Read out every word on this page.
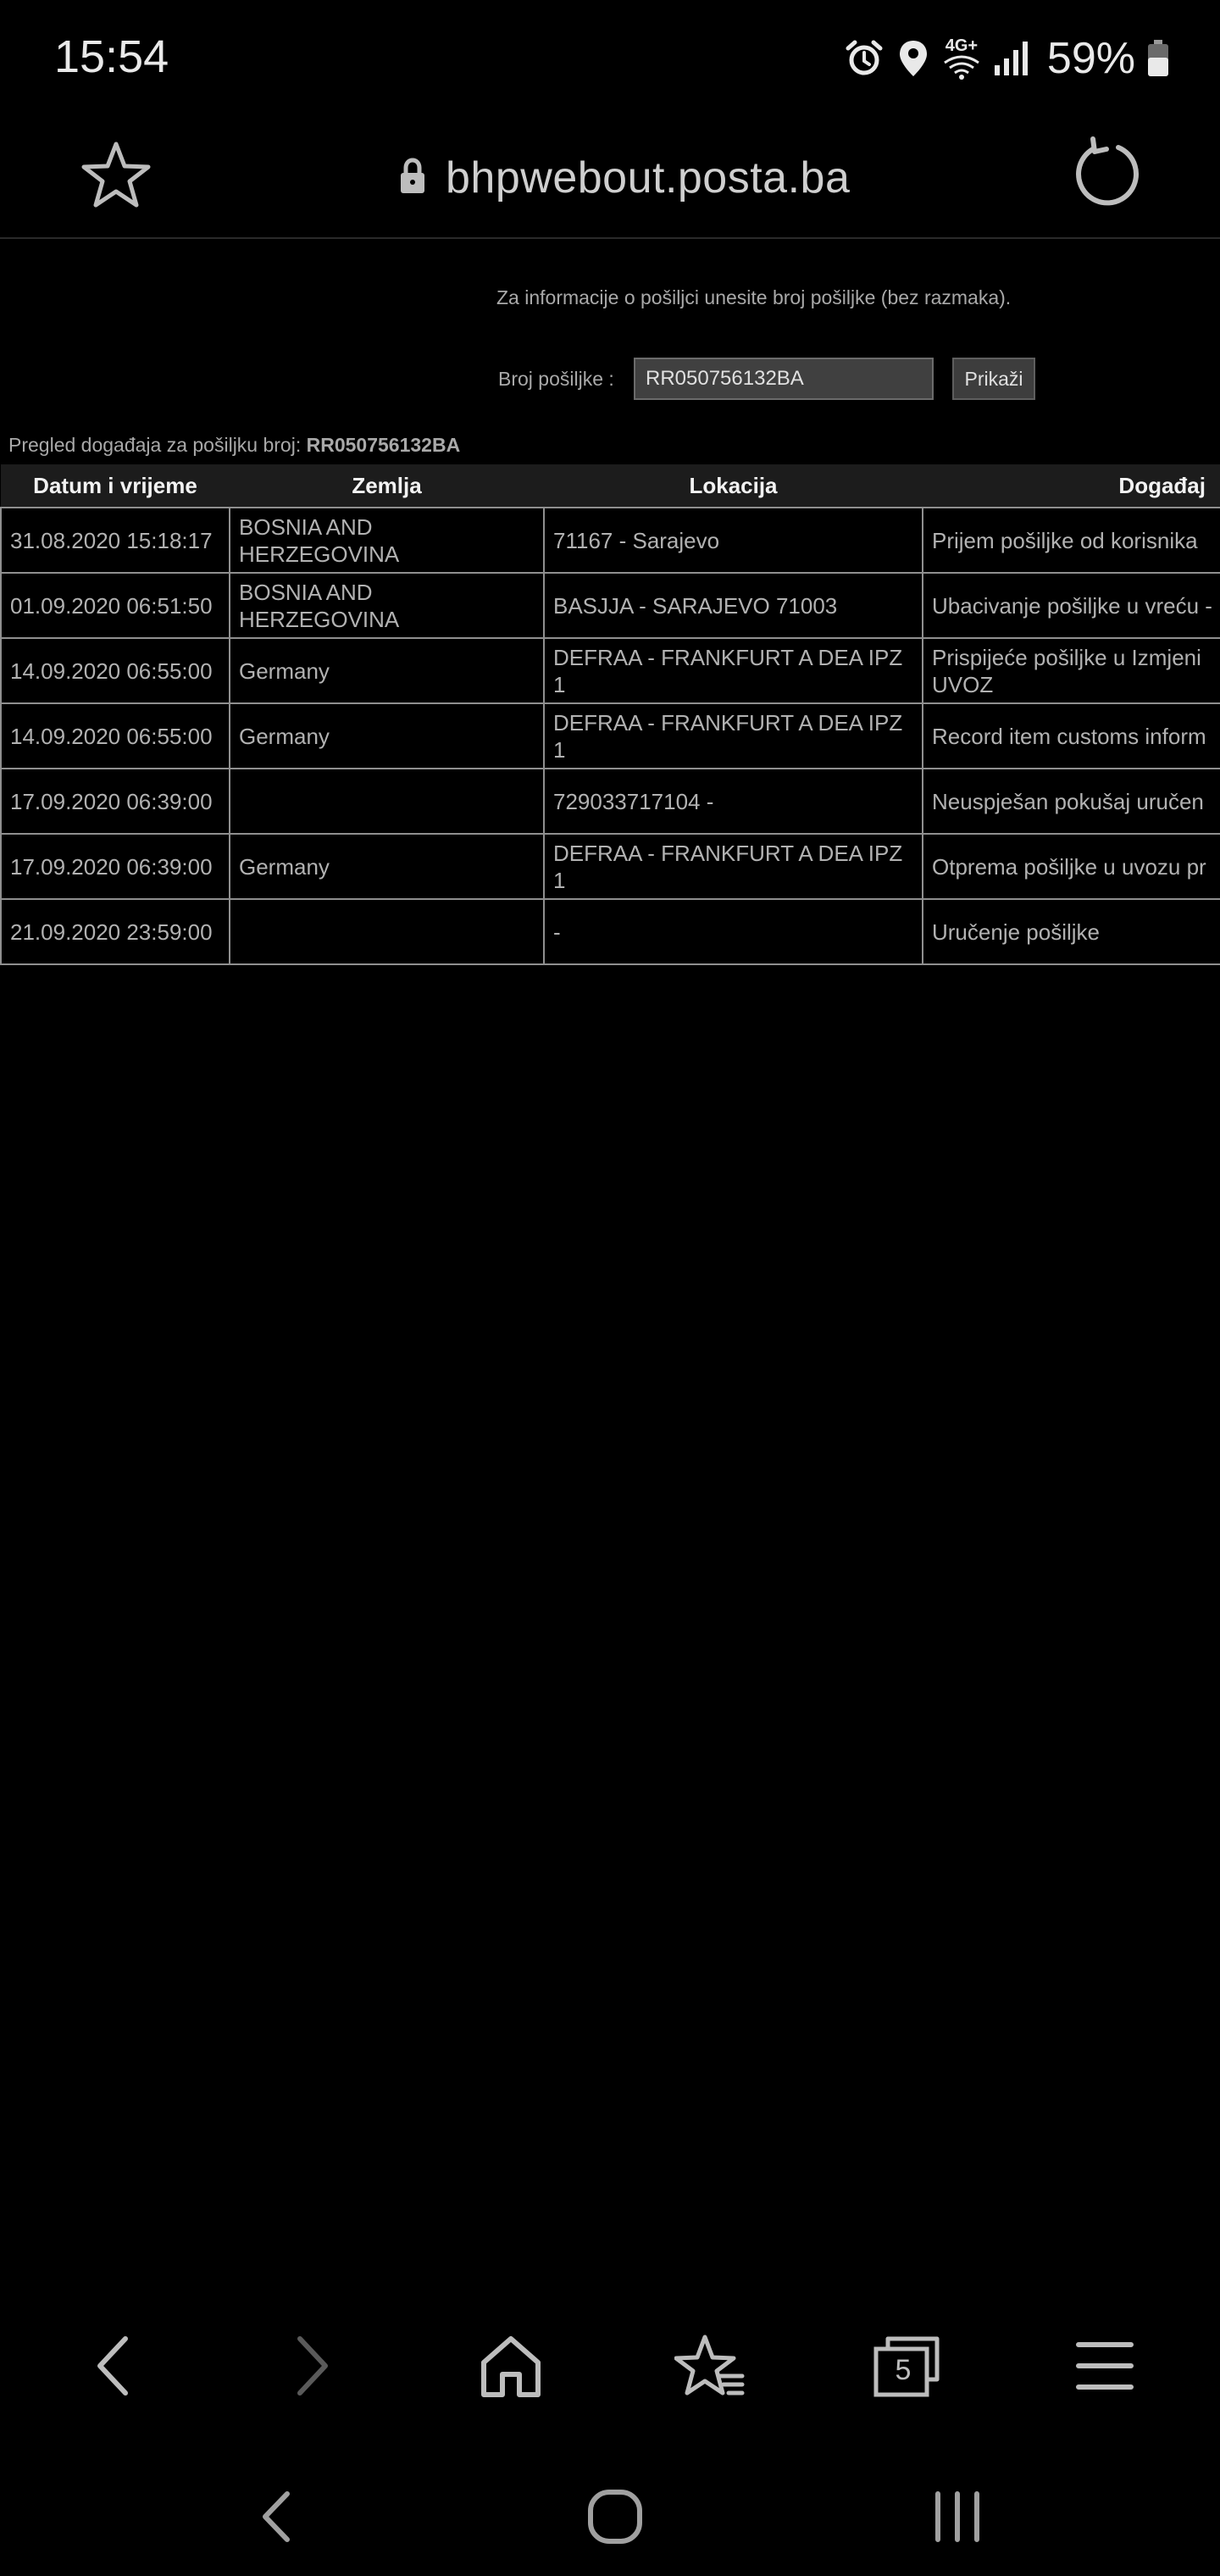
15:54	4G+ 59%
bhpwebout.posta.ba
Za informacije o pošiljci unesite broj pošiljke (bez razmaka).
Broj pošiljke :
RR050756132BA	Prikaži
Pregled događaja za pošiljku broj: RR050756132BA
Datum i vrijeme	Zemlja	Lokacija	Događaj
31.08.2020 15:18:17	BOSNIA AND HERZEGOVINA	71167 - Sarajevo	Prijem pošiljke od korisnika
01.09.2020 06:51:50	BOSNIA AND HERZEGOVINA	BASJJA - SARAJEVO 71003	Ubacivanje pošiljke u vreću -
14.09.2020 06:55:00	Germany	DEFRAA - FRANKFURT A DEA IPZ 1	Prispijeće pošiljke u Izmjeni UVOZ
14.09.2020 06:55:00	Germany	DEFRAA - FRANKFURT A DEA IPZ 1	Record item customs inform
17.09.2020 06:39:00		729033717104 -	Neuspješan pokušaj uručen
17.09.2020 06:39:00	Germany	DEFRAA - FRANKFURT A DEA IPZ 1	Otprema pošiljke u uvozu pr
21.09.2020 23:59:00		-	Uručenje pošiljke
5
